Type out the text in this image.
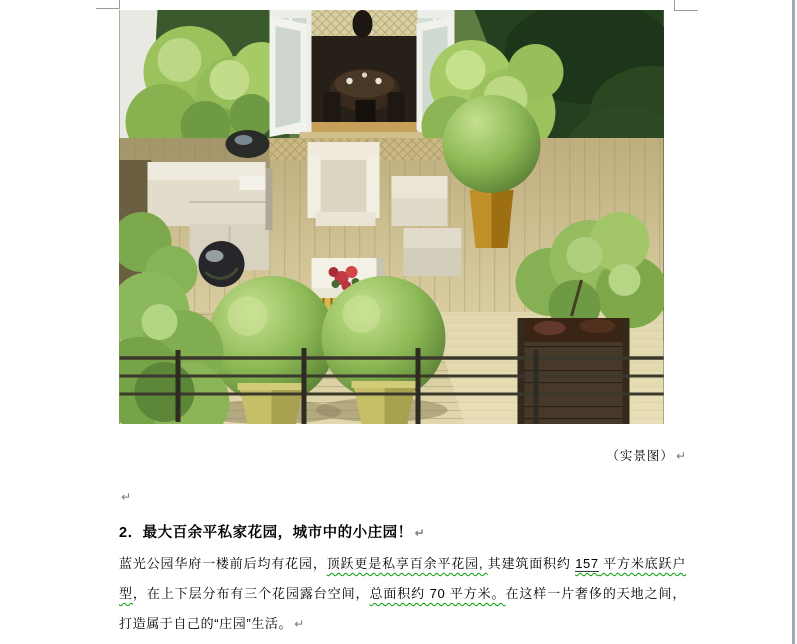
（实景图） ↵
↵
2．最大百余平私家花园，城市中的小庄园！ ↵

蓝光公园华府一楼前后均有花园，顶跃更是私享百余平花园, 其建筑面积约 157 平方米底跃户型，在上下层分布有三个花园露台空间，总面积约 70 平方米。在这样一片奢侈的天地之间，打造属于自己的“庄园”生活。 ↵
